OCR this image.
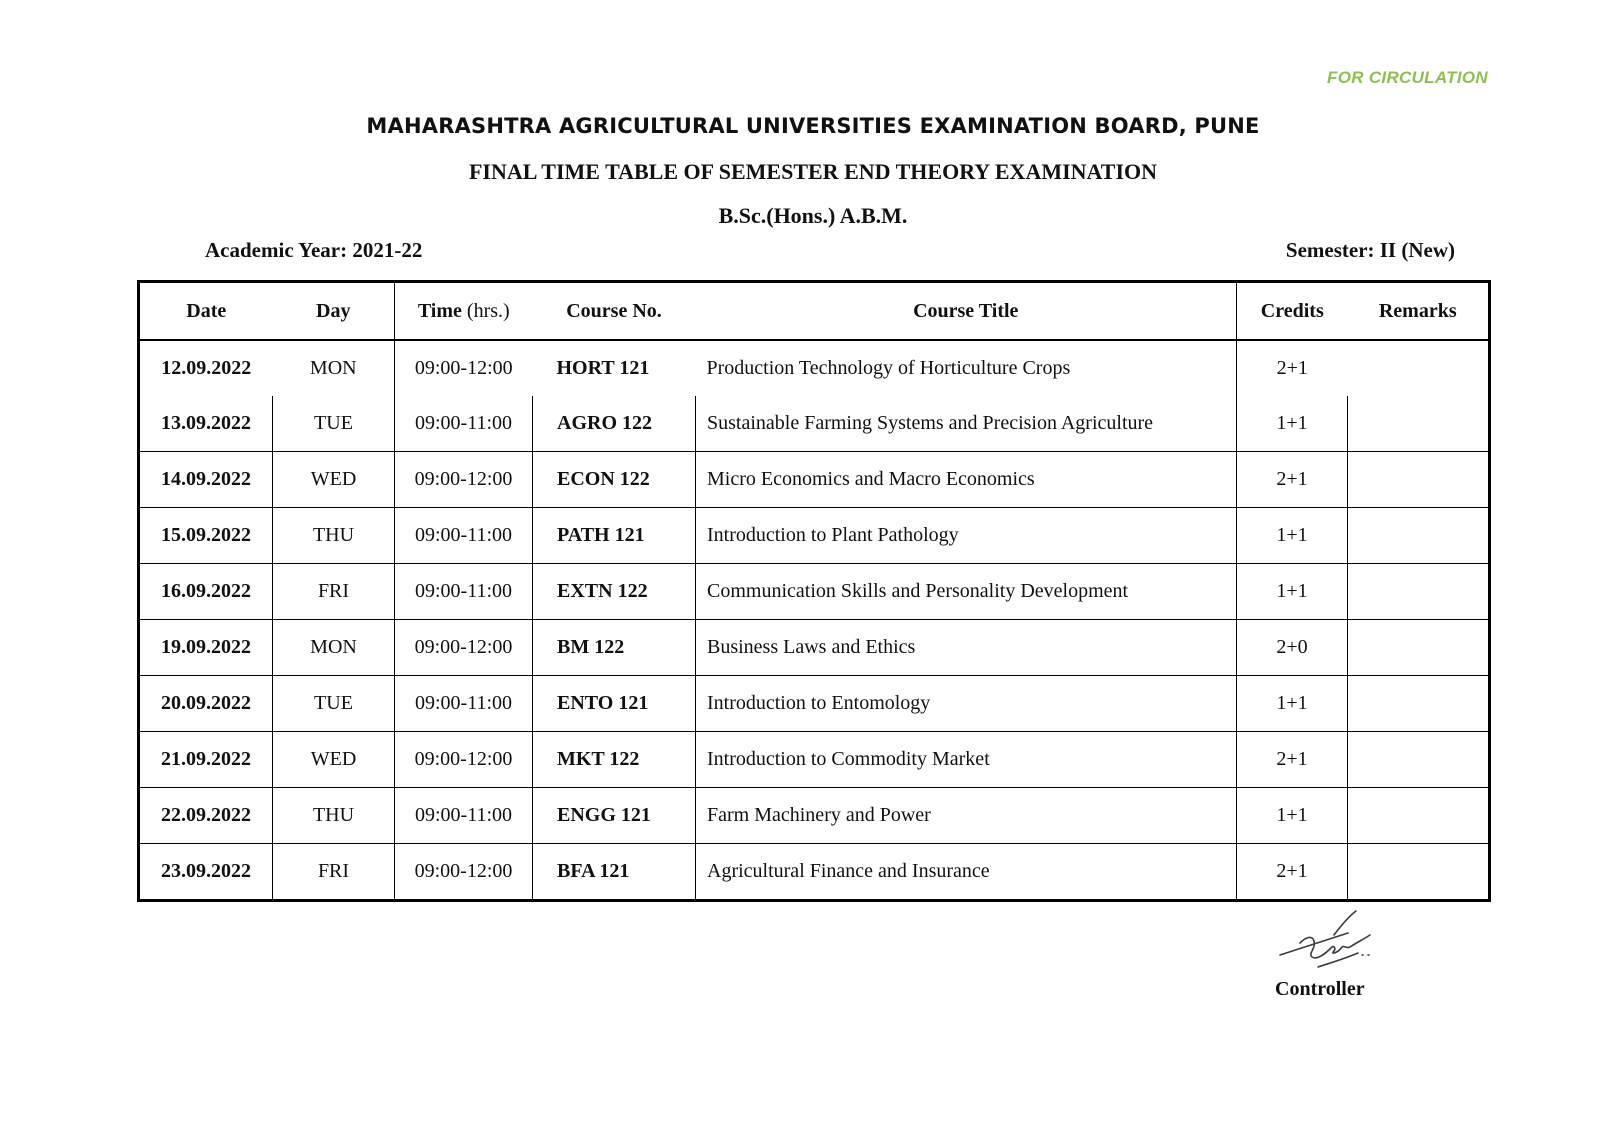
FOR CIRCULATION
MAHARASHTRA AGRICULTURAL UNIVERSITIES EXAMINATION BOARD, PUNE
FINAL TIME TABLE OF SEMESTER END THEORY EXAMINATION
B.Sc.(Hons.) A.B.M.
Academic Year: 2021-22	Semester: II (New)
Date	Day	Time (hrs.)	Course No.	Course Title	Credits	Remarks
12.09.2022	MON	09:00-12:00	HORT 121	Production Technology of Horticulture Crops	2+1	
13.09.2022	TUE	09:00-11:00	AGRO 122	Sustainable Farming Systems and Precision Agriculture	1+1	
14.09.2022	WED	09:00-12:00	ECON 122	Micro Economics and Macro Economics	2+1	
15.09.2022	THU	09:00-11:00	PATH 121	Introduction to Plant Pathology	1+1	
16.09.2022	FRI	09:00-11:00	EXTN 122	Communication Skills and Personality Development	1+1	
19.09.2022	MON	09:00-12:00	BM 122	Business Laws and Ethics	2+0	
20.09.2022	TUE	09:00-11:00	ENTO 121	Introduction to Entomology	1+1	
21.09.2022	WED	09:00-12:00	MKT 122	Introduction to Commodity Market	2+1	
22.09.2022	THU	09:00-11:00	ENGG 121	Farm Machinery and Power	1+1	
23.09.2022	FRI	09:00-12:00	BFA 121	Agricultural Finance and Insurance	2+1	
Controller
